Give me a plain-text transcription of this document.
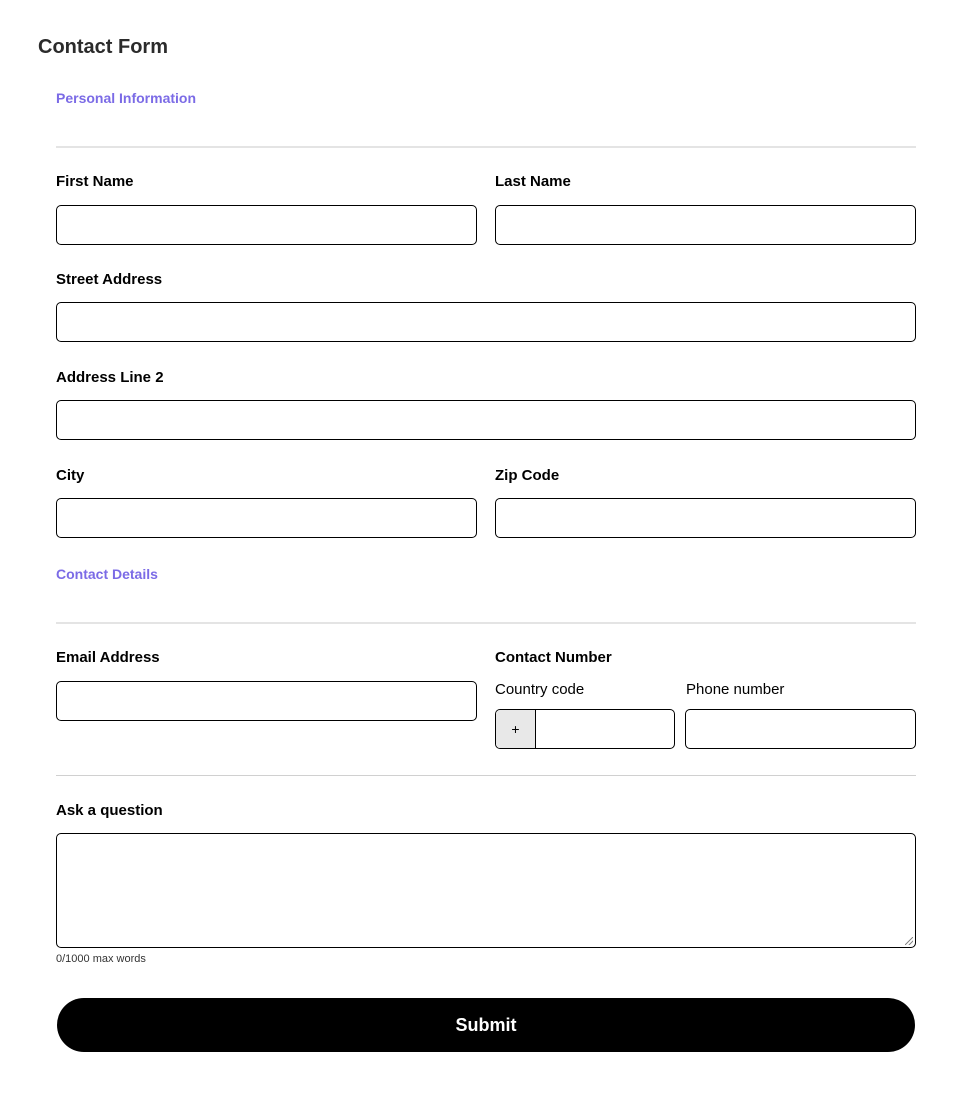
Contact Form
Personal Information
First Name	Last Name
Street Address
Address Line 2
City	Zip Code
Contact Details
Email Address	Contact Number
Country code	Phone number
+
Ask a question
0/1000 max words
Submit
